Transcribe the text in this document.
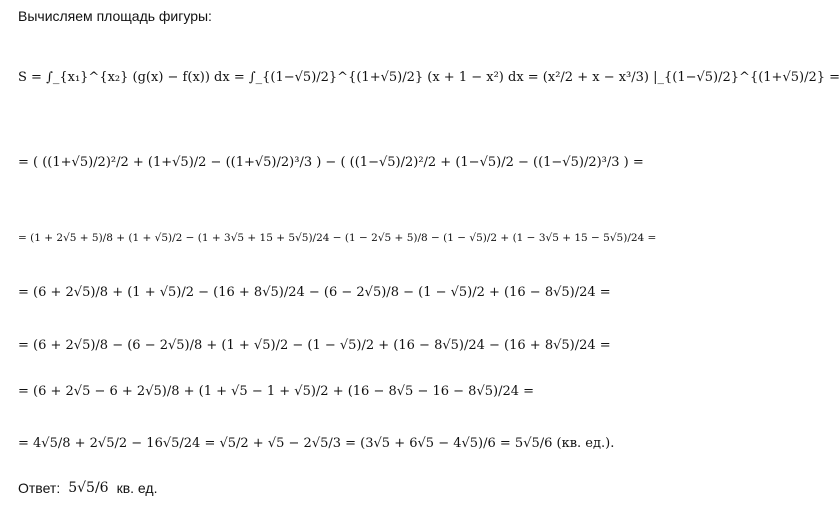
Вычисляем площадь фигуры:
S = ∫_{x₁}^{x₂} (g(x) − f(x)) dx = ∫_{(1−√5)/2}^{(1+√5)/2} (x + 1 − x²) dx = (x²/2 + x − x³/3) |_{(1−√5)/2}^{(1+√5)/2} =
= ( ((1+√5)/2)²/2 + (1+√5)/2 − ((1+√5)/2)³/3 ) − ( ((1−√5)/2)²/2 + (1−√5)/2 − ((1−√5)/2)³/3 ) =
= (1 + 2√5 + 5)/8 + (1 + √5)/2 − (1 + 3√5 + 15 + 5√5)/24 − (1 − 2√5 + 5)/8 − (1 − √5)/2 + (1 − 3√5 + 15 − 5√5)/24 =
= (6 + 2√5)/8 + (1 + √5)/2 − (16 + 8√5)/24 − (6 − 2√5)/8 − (1 − √5)/2 + (16 − 8√5)/24 =
= (6 + 2√5)/8 − (6 − 2√5)/8 + (1 + √5)/2 − (1 − √5)/2 + (16 − 8√5)/24 − (16 + 8√5)/24 =
= (6 + 2√5 − 6 + 2√5)/8 + (1 + √5 − 1 + √5)/2 + (16 − 8√5 − 16 − 8√5)/24 =
= 4√5/8 + 2√5/2 − 16√5/24 = √5/2 + √5 − 2√5/3 = (3√5 + 6√5 − 4√5)/6 = 5√5/6 (кв. ед.).
Ответ: 5√5/6 кв. ед.
